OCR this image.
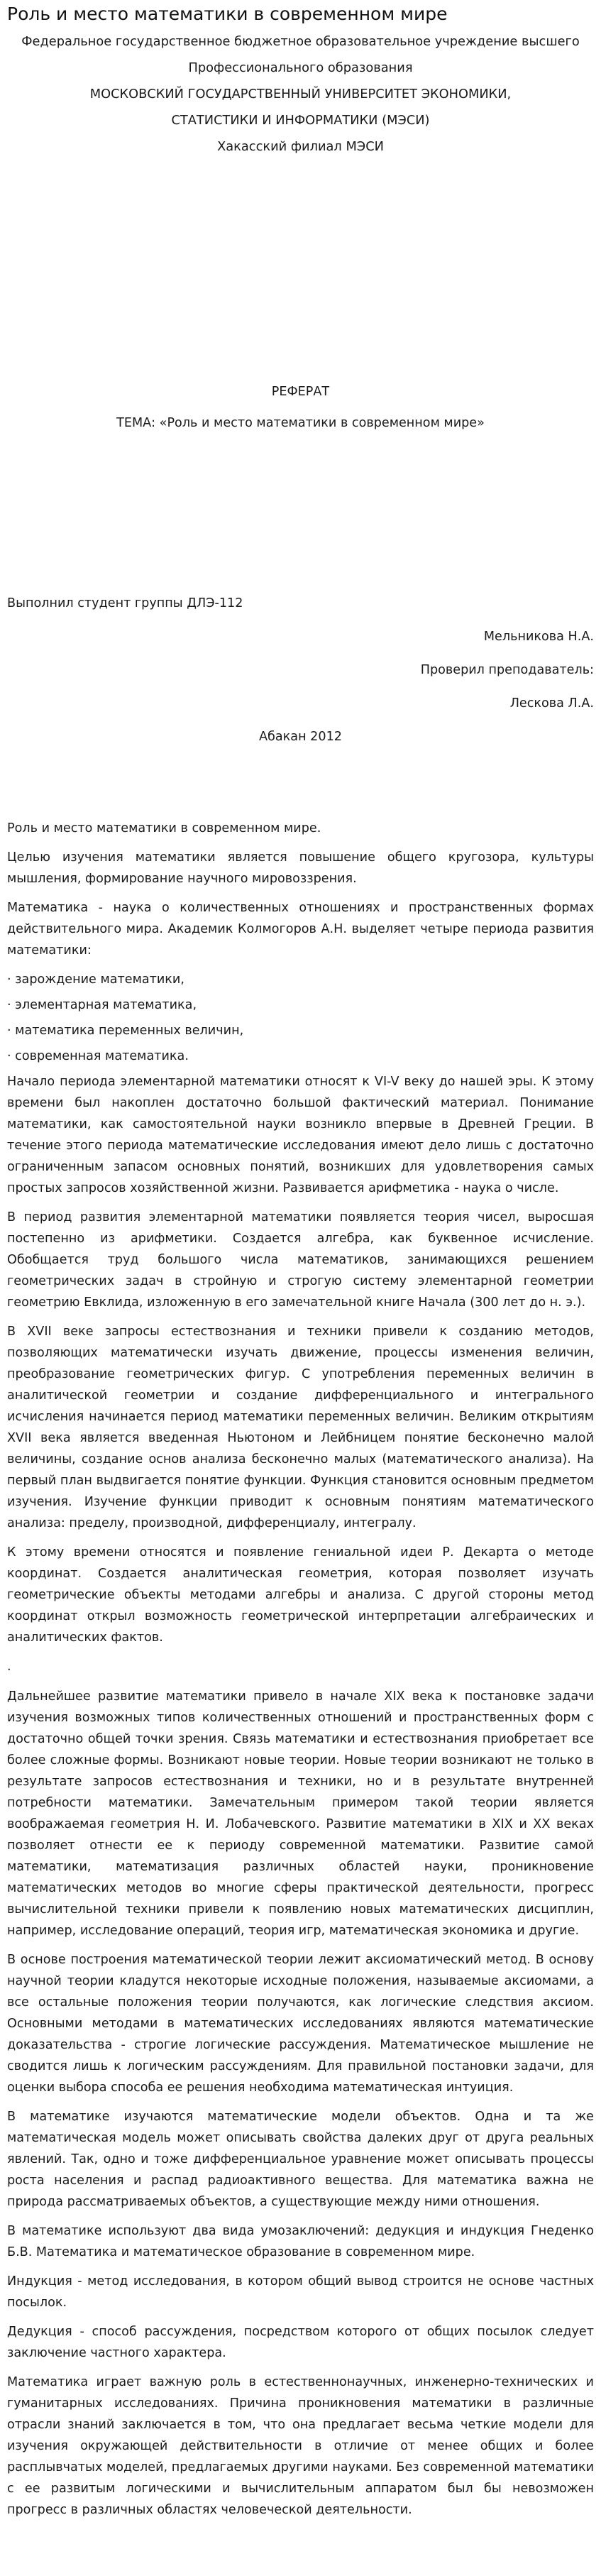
Роль и место математики в современном мире

Федеральное государственное бюджетное образовательное учреждение высшего

Профессионального образования

МОСКОВСКИЙ ГОСУДАРСТВЕННЫЙ УНИВЕРСИТЕТ ЭКОНОМИКИ,

СТАТИСТИКИ И ИНФОРМАТИКИ (МЭСИ)

Хакасский филиал МЭСИ

РЕФЕРАТ

ТЕМА: «Роль и место математики в современном мире»

Выполнил студент группы ДЛЭ-112

Мельникова Н.А.

Проверил преподаватель:

Лескова Л.А.

Абакан 2012

Роль и место математики в современном мире.

Целью изучения математики является повышение общего кругозора, культуры мышления, формирование научного мировоззрения.

Математика - наука о количественных отношениях и пространственных формах действительного мира. Академик Колмогоров А.Н. выделяет четыре периода развития математики:

· зарождение математики,

· элементарная математика,

· математика переменных величин,

· современная математика.

Начало периода элементарной математики относят к VI-V веку до нашей эры. К этому времени был накоплен достаточно большой фактический материал. Понимание математики, как самостоятельной науки возникло впервые в Древней Греции. В течение этого периода математические исследования имеют дело лишь с достаточно ограниченным запасом основных понятий, возникших для удовлетворения самых простых запросов хозяйственной жизни. Развивается арифметика - наука о числе.

В период развития элементарной математики появляется теория чисел, выросшая постепенно из арифметики. Создается алгебра, как буквенное исчисление. Обобщается труд большого числа математиков, занимающихся решением геометрических задач в стройную и строгую систему элементарной геометрии геометрию Евклида, изложенную в его замечательной книге Начала (300 лет до н. э.).

В XVII веке запросы естествознания и техники привели к созданию методов, позволяющих математически изучать движение, процессы изменения величин, преобразование геометрических фигур. С употребления переменных величин в аналитической геометрии и создание дифференциального и интегрального исчисления начинается период математики переменных величин. Великим открытиям XVII века является введенная Ньютоном и Лейбницем понятие бесконечно малой величины, создание основ анализа бесконечно малых (математического анализа). На первый план выдвигается понятие функции. Функция становится основным предметом изучения. Изучение функции приводит к основным понятиям математического анализа: пределу, производной, дифференциалу, интегралу.

К этому времени относятся и появление гениальной идеи Р. Декарта о методе координат. Создается аналитическая геометрия, которая позволяет изучать геометрические объекты методами алгебры и анализа. С другой стороны метод координат открыл возможность геометрической интерпретации алгебраических и аналитических фактов.

.

Дальнейшее развитие математики привело в начале XIX века к постановке задачи изучения возможных типов количественных отношений и пространственных форм с достаточно общей точки зрения. Связь математики и естествознания приобретает все более сложные формы. Возникают новые теории. Новые теории возникают не только в результате запросов естествознания и техники, но и в результате внутренней потребности математики. Замечательным примером такой теории является воображаемая геометрия Н. И. Лобачевского. Развитие математики в XIX и XX веках позволяет отнести ее к периоду современной математики. Развитие самой математики, математизация различных областей науки, проникновение математических методов во многие сферы практической деятельности, прогресс вычислительной техники привели к появлению новых математических дисциплин, например, исследование операций, теория игр, математическая экономика и другие.

В основе построения математической теории лежит аксиоматический метод. В основу научной теории кладутся некоторые исходные положения, называемые аксиомами, а все остальные положения теории получаются, как логические следствия аксиом. Основными методами в математических исследованиях являются математические доказательства - строгие логические рассуждения. Математическое мышление не сводится лишь к логическим рассуждениям. Для правильной постановки задачи, для оценки выбора способа ее решения необходима математическая интуиция.

В математике изучаются математические модели объектов. Одна и та же математическая модель может описывать свойства далеких друг от друга реальных явлений. Так, одно и тоже дифференциальное уравнение может описывать процессы роста населения и распад радиоактивного вещества. Для математика важна не природа рассматриваемых объектов, а существующие между ними отношения.

В математике используют два вида умозаключений: дедукция и индукция Гнеденко Б.В. Математика и математическое образование в современном мире.

Индукция - метод исследования, в котором общий вывод строится не основе частных посылок.

Дедукция - способ рассуждения, посредством которого от общих посылок следует заключение частного характера.

Математика играет важную роль в естественнонаучных, инженерно-технических и гуманитарных исследованиях. Причина проникновения математики в различные отрасли знаний заключается в том, что она предлагает весьма четкие модели для изучения окружающей действительности в отличие от менее общих и более расплывчатых моделей, предлагаемых другими науками. Без современной математики с ее развитым логическими и вычислительным аппаратом был бы невозможен прогресс в различных областях человеческой деятельности.
